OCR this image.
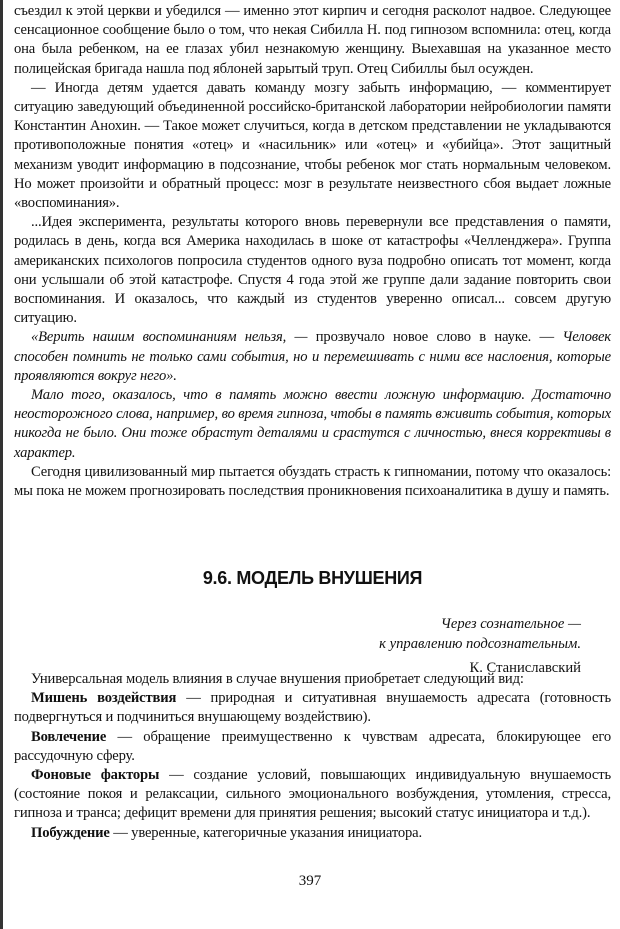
съездил к этой церкви и убедился — именно этот кирпич и сегодня расколот надвое. Следующее сенсационное сообщение было о том, что некая Сибилла Н. под гипнозом вспомнила: отец, когда она была ребенком, на ее глазах убил незнакомую женщину. Выехавшая на указанное место полицейская бригада нашла под яблоней зарытый труп. Отец Сибиллы был осужден.

— Иногда детям удается давать команду мозгу забыть информацию, — комментирует ситуацию заведующий объединенной российско-британской лаборатории нейробиологии памяти Константин Анохин. — Такое может случиться, когда в детском представлении не укладываются противоположные понятия «отец» и «насильник» или «отец» и «убийца». Этот защитный механизм уводит информацию в подсознание, чтобы ребенок мог стать нормальным человеком. Но может произойти и обратный процесс: мозг в результате неизвестного сбоя выдает ложные «воспоминания».

...Идея эксперимента, результаты которого вновь перевернули все представления о памяти, родилась в день, когда вся Америка находилась в шоке от катастрофы «Челленджера». Группа американских психологов попросила студентов одного вуза подробно описать тот момент, когда они услышали об этой катастрофе. Спустя 4 года этой же группе дали задание повторить свои воспоминания. И оказалось, что каждый из студентов уверенно описал... совсем другую ситуацию.

«Верить нашим воспоминаниям нельзя, — прозвучало новое слово в науке. — Человек способен помнить не только сами события, но и перемешивать с ними все наслоения, которые проявляются вокруг него».

Мало того, оказалось, что в память можно ввести ложную информацию. Достаточно неосторожного слова, например, во время гипноза, чтобы в память вживить события, которых никогда не было. Они тоже обрастут деталями и срастутся с личностью, внеся коррективы в характер.

Сегодня цивилизованный мир пытается обуздать страсть к гипномании, потому что оказалось: мы пока не можем прогнозировать последствия проникновения психоаналитика в душу и память.

9.6. МОДЕЛЬ ВНУШЕНИЯ
Через сознательное —
к управлению подсознательным.
К. Станиславский

Универсальная модель влияния в случае внушения приобретает следующий вид:

Мишень воздействия — природная и ситуативная внушаемость адресата (готовность подвергнуться и подчиниться внушающему воздействию).

Вовлечение — обращение преимущественно к чувствам адресата, блокирующее его рассудочную сферу.

Фоновые факторы — создание условий, повышающих индивидуальную внушаемость (состояние покоя и релаксации, сильного эмоционального возбуждения, утомления, стресса, гипноза и транса; дефицит времени для принятия решения; высокий статус инициатора и т.д.).

Побуждение — уверенные, категоричные указания инициатора.

397
